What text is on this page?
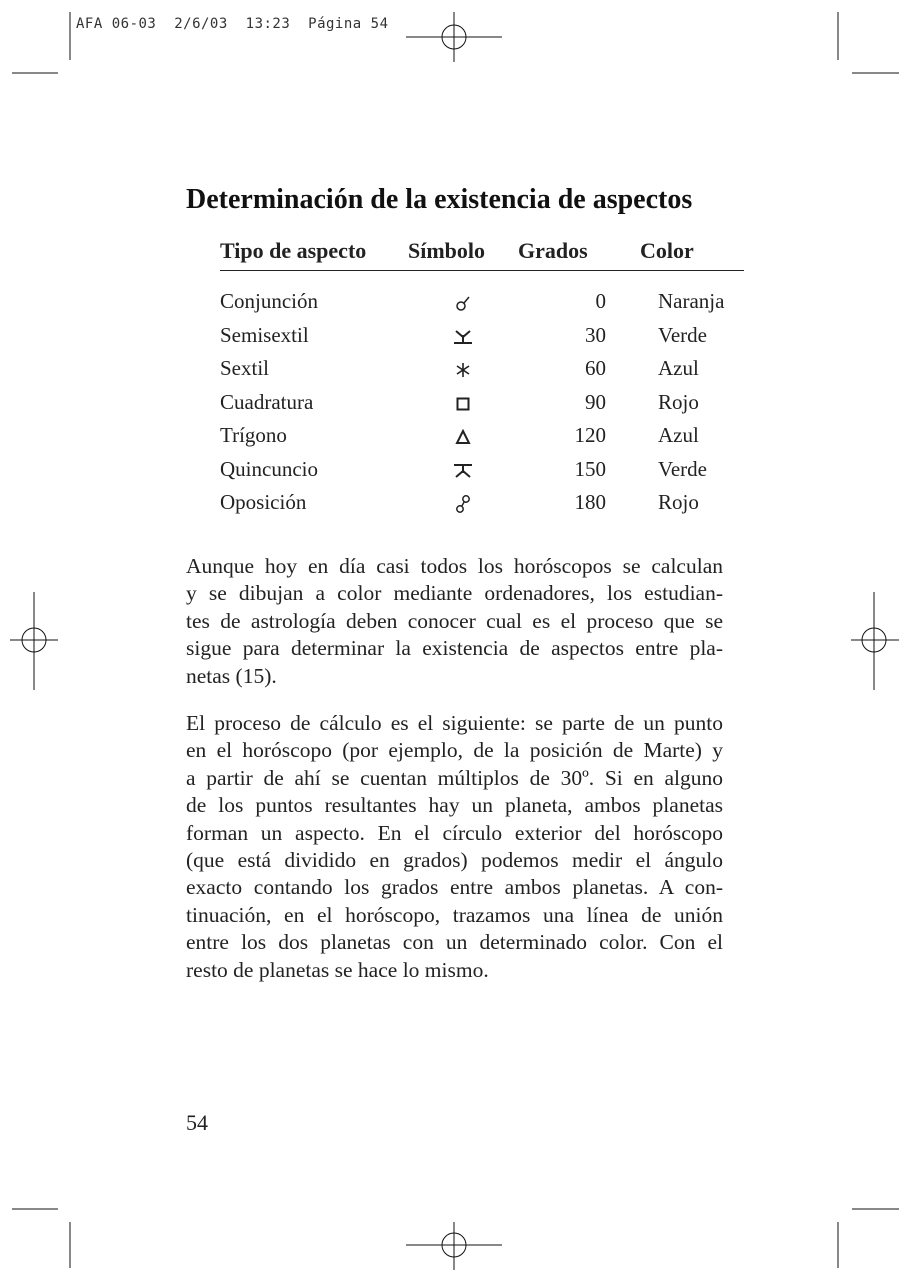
AFA 06-03  2/6/03  13:23  Página 54
Determinación de la existencia de aspectos
Tipo de aspecto	Símbolo	Grados	Color

Conjunción		0	Naranja
Semisextil		30	Verde
Sextil		60	Azul
Cuadratura		90	Rojo
Trígono		120	Azul
Quincuncio		150	Verde
Oposición		180	Rojo
Aunque hoy en día casi todos los horóscopos se calculan
y se dibujan a color mediante ordenadores, los estudian-
tes de astrología deben conocer cual es el proceso que se
sigue para determinar la existencia de aspectos entre pla-
netas (15).
El proceso de cálculo es el siguiente: se parte de un punto
en el horóscopo (por ejemplo, de la posición de Marte) y
a partir de ahí se cuentan múltiplos de 30º. Si en alguno
de los puntos resultantes hay un planeta, ambos planetas
forman un aspecto. En el círculo exterior del horóscopo
(que está dividido en grados) podemos medir el ángulo
exacto contando los grados entre ambos planetas. A con-
tinuación, en el horóscopo, trazamos una línea de unión
entre los dos planetas con un determinado color. Con el
resto de planetas se hace lo mismo.
54
